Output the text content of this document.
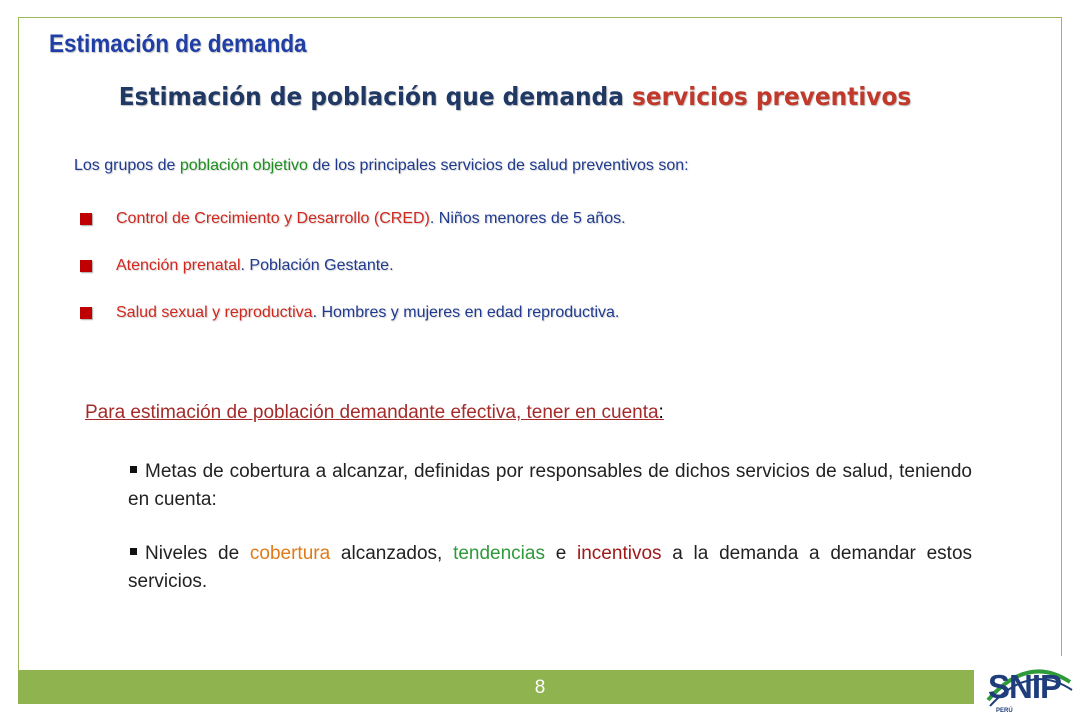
Estimación de demanda
Estimación de población que demanda servicios preventivos

Los grupos de población objetivo de los principales servicios de salud preventivos son:

Control de Crecimiento y Desarrollo (CRED). Niños menores de 5 años.
Atención prenatal. Población Gestante.
Salud sexual y reproductiva. Hombres y mujeres en edad reproductiva.

Para estimación de población demandante efectiva, tener en cuenta:

Metas de cobertura a alcanzar, definidas por responsables de dichos servicios de salud, teniendo en cuenta:
Niveles de cobertura alcanzados, tendencias e incentivos a la demanda a demandar estos servicios.
8	SNIP
PERÚ
